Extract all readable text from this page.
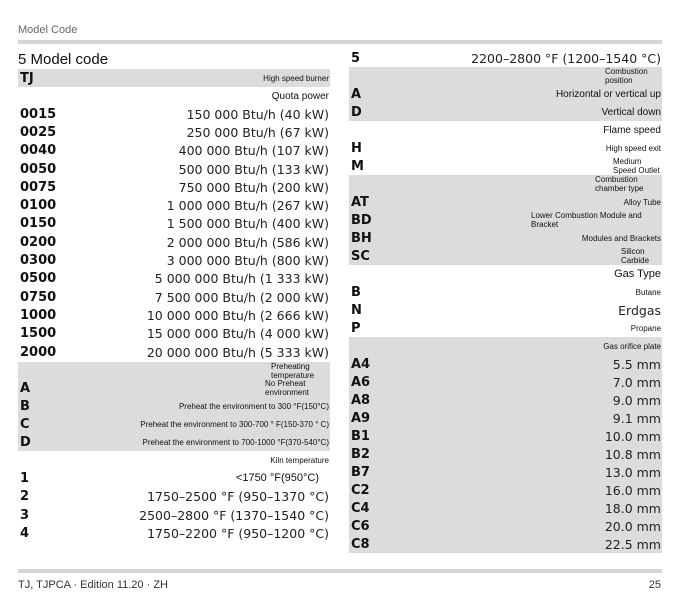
Model Code
5 Model code
TJ	High speed burner
Quota power
0015	150 000 Btu/h (40 kW)
0025	250 000 Btu/h (67 kW)
0040	400 000 Btu/h (107 kW)
0050	500 000 Btu/h (133 kW)
0075	750 000 Btu/h (200 kW)
0100	1 000 000 Btu/h (267 kW)
0150	1 500 000 Btu/h (400 kW)
0200	2 000 000 Btu/h (586 kW)
0300	3 000 000 Btu/h (800 kW)
0500	5 000 000 Btu/h (1 333 kW)
0750	7 500 000 Btu/h (2 000 kW)
1000	10 000 000 Btu/h (2 666 kW)
1500	15 000 000 Btu/h (4 000 kW)
2000	20 000 000 Btu/h (5 333 kW)
Preheating temperature
A	No Preheat environment
B	Preheat the environment to 300 °F(150°C)
C	Preheat the environment to 300-700 ° F(150-370 ° C)
D	Preheat the environment to 700-1000 °F(370-540°C)
Kiln temperature
1	<1750 °F(950°C)
2	1750–2500 °F (950–1370 °C)
3	2500–2800 °F (1370–1540 °C)
4	1750–2200 °F (950–1200 °C)
5	2200–2800 °F (1200–1540 °C)
Combustion position
A	Horizontal or vertical up
D	Vertical down
Flame speed
H	High speed exit
M	Medium Speed Outlet
Combustion chamber type
AT	Alloy Tube
BD	Lower Combustion Module and Bracket
BH	Modules and Brackets
SC	Silicon Carbide
Gas Type
B	Butane
N	Erdgas
P	Propane
Gas orifice plate
A4	5.5 mm
A6	7.0 mm
A8	9.0 mm
A9	9.1 mm
B1	10.0 mm
B2	10.8 mm
B7	13.0 mm
C2	16.0 mm
C4	18.0 mm
C6	20.0 mm
C8	22.5 mm
TJ, TJPCA · Edition 11.20 · ZH	25
